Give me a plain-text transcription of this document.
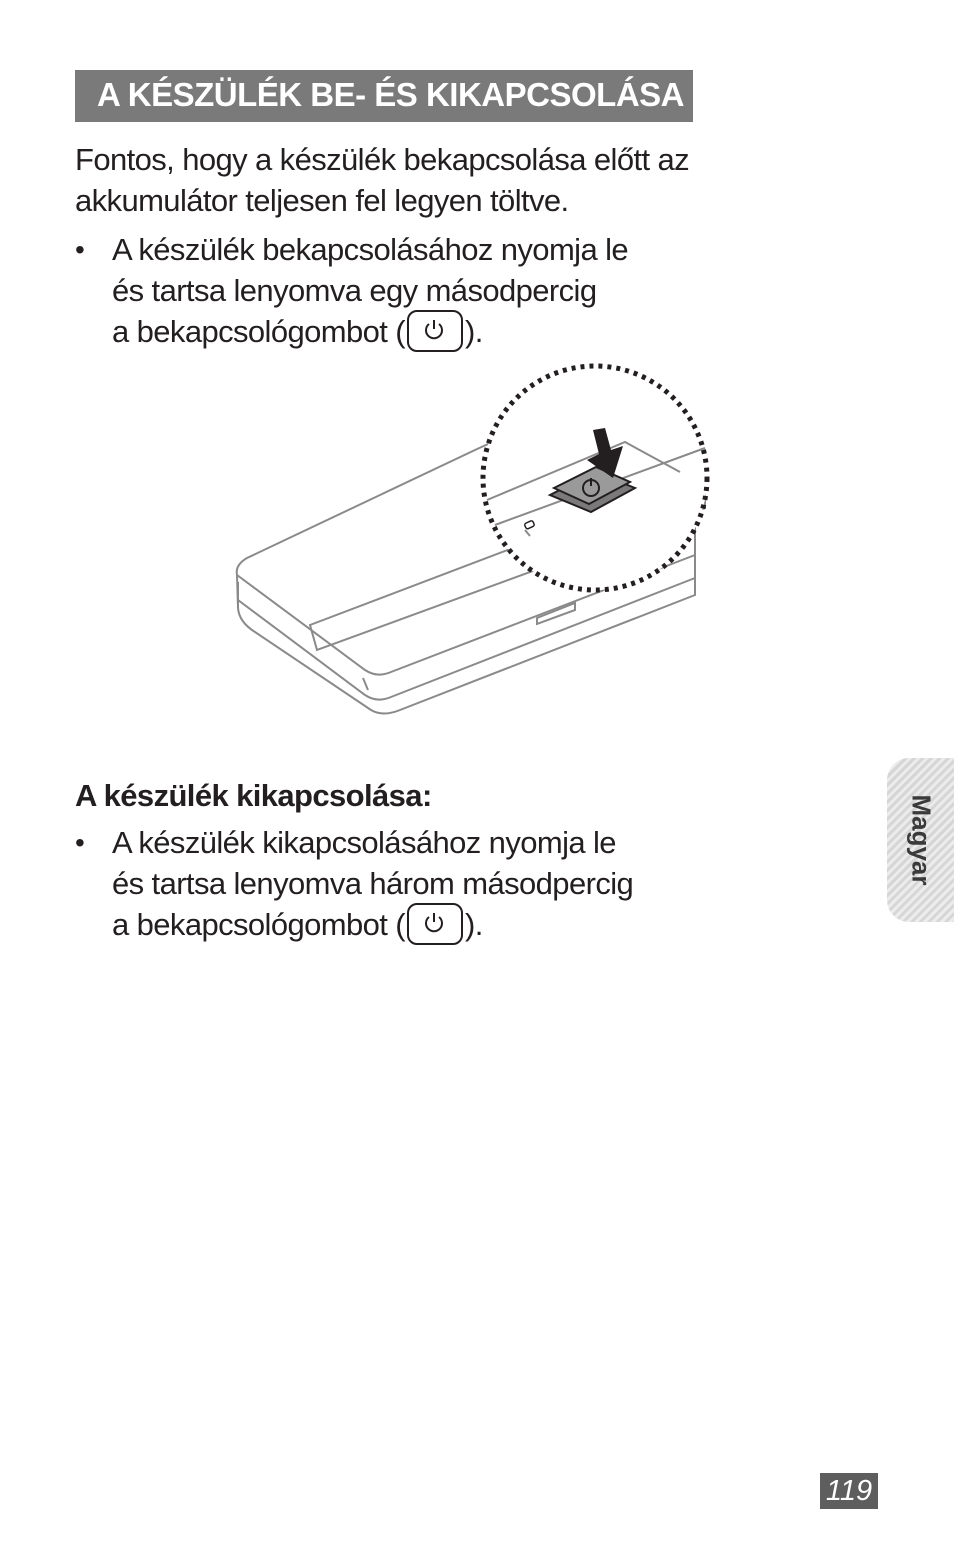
A KÉSZÜLÉK BE- ÉS KIKAPCSOLÁSA
Fontos, hogy a készülék bekapcsolása előtt az
akkumulátor teljesen fel legyen töltve.
• A készülék bekapcsolásához nyomja le
és tartsa lenyomva egy másodpercig
a bekapcsológombot ( ).
A készülék kikapcsolása:
• A készülék kikapcsolásához nyomja le
és tartsa lenyomva három másodpercig
a bekapcsológombot ( ).
Magyar
119
